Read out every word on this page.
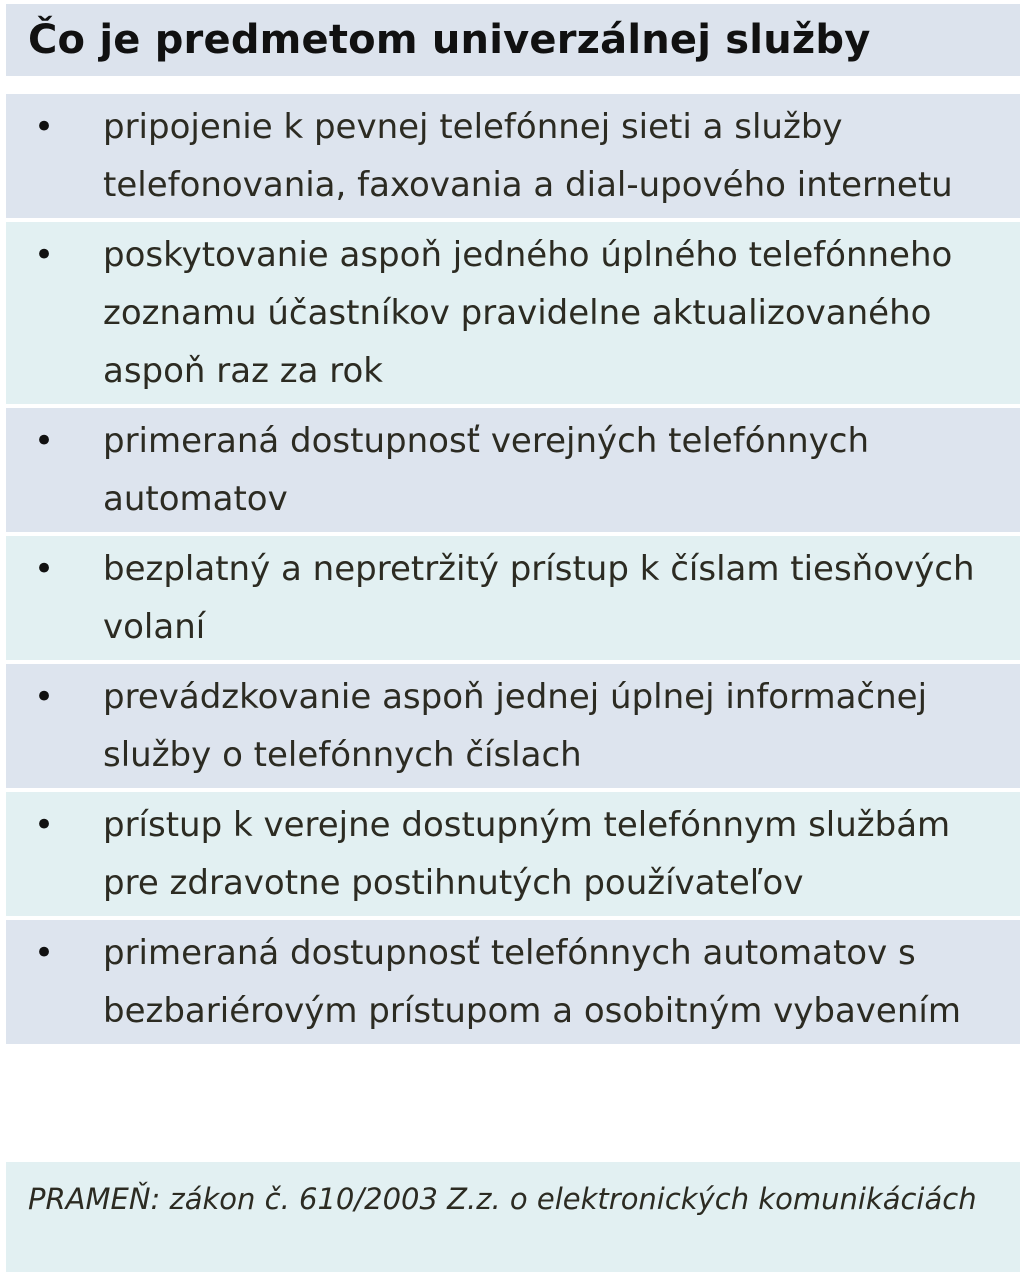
Čo je predmetom univerzálnej služby
• pripojenie k pevnej telefónnej sieti a služby telefonovania, faxovania a dial-upového internetu
• poskytovanie aspoň jedného úplného telefónneho zoznamu účastníkov pravidelne aktualizovaného aspoň raz za rok
• primeraná dostupnosť verejných telefónnych automatov
• bezplatný a nepretržitý prístup k číslam tiesňových volaní
• prevádzkovanie aspoň jednej úplnej informačnej služby o telefónnych číslach
• prístup k verejne dostupným telefónnym službám pre zdravotne postihnutých používateľov
• primeraná dostupnosť telefónnych automatov s bezbariérovým prístupom a osobitným vybavením
PRAMEŇ: zákon č. 610/2003 Z.z. o elektronických komunikáciách
